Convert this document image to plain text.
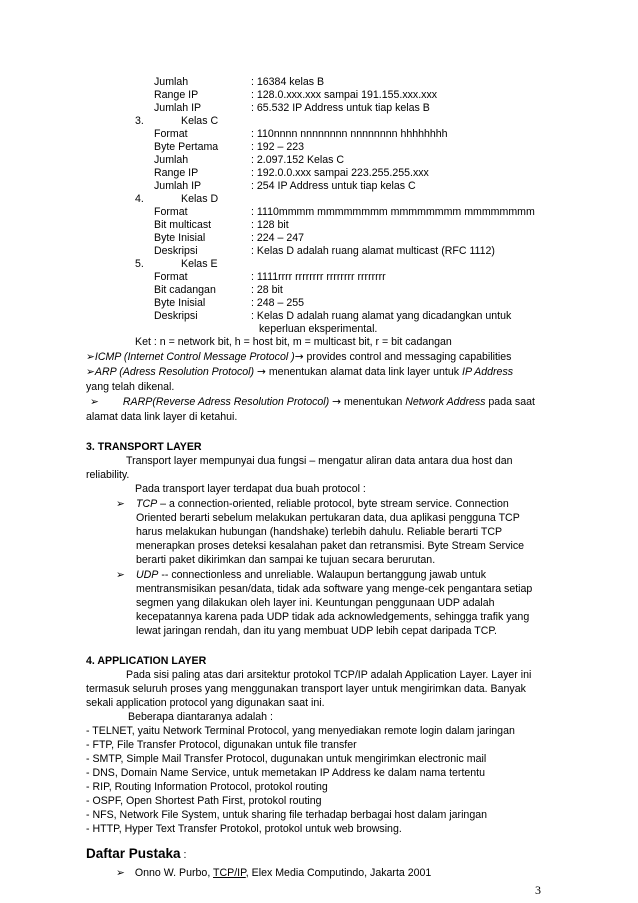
Jumlah	: 16384 kelas B
Range IP	: 128.0.xxx.xxx sampai 191.155.xxx.xxx
Jumlah IP	: 65.532 IP Address untuk tiap kelas B
3.	Kelas C
Format	: 110nnnn nnnnnnnn nnnnnnnn hhhhhhhh
Byte Pertama	: 192 – 223
Jumlah	: 2.097.152 Kelas C
Range IP	: 192.0.0.xxx sampai 223.255.255.xxx
Jumlah IP	: 254 IP Address untuk tiap kelas C
4.	Kelas D
Format	: 1110mmmm mmmmmmmm mmmmmmmm mmmmmmmm
Bit multicast	: 128 bit
Byte Inisial	: 224 – 247
Deskripsi	: Kelas D adalah ruang alamat multicast (RFC 1112)
5.	Kelas E
Format	: 1111rrrr rrrrrrrr rrrrrrrr rrrrrrrr
Bit cadangan	: 28 bit
Byte Inisial	: 248 – 255
Deskripsi	: Kelas D adalah ruang alamat yang dicadangkan untuk
keperluan eksperimental.
Ket : n = network bit, h = host bit, m = multicast bit, r = bit cadangan
➢ICMP (Internet Control Message Protocol )→ provides control and messaging capabilities
➢ARP (Adress Resolution Protocol) → menentukan alamat data link layer untuk IP Address
yang telah dikenal.
➢ RARP(Reverse Adress Resolution Protocol) → menentukan Network Address pada saat
alamat data link layer di ketahui.
3. TRANSPORT LAYER
Transport layer mempunyai dua fungsi – mengatur aliran data antara dua host dan
reliability.
Pada transport layer terdapat dua buah protocol :
➢ TCP – a connection-oriented, reliable protocol, byte stream service. Connection
Oriented berarti sebelum melakukan pertukaran data, dua aplikasi pengguna TCP
harus melakukan hubungan (handshake) terlebih dahulu. Reliable berarti TCP
menerapkan proses deteksi kesalahan paket dan retransmisi. Byte Stream Service
berarti paket dikirimkan dan sampai ke tujuan secara berurutan.
➢ UDP -- connectionless and unreliable. Walaupun bertanggung jawab untuk
mentransmisikan pesan/data, tidak ada software yang menge-cek pengantara setiap
segmen yang dilakukan oleh layer ini. Keuntungan penggunaan UDP adalah
kecepatannya karena pada UDP tidak ada acknowledgements, sehingga trafik yang
lewat jaringan rendah, dan itu yang membuat UDP lebih cepat daripada TCP.
4. APPLICATION LAYER
Pada sisi paling atas dari arsitektur protokol TCP/IP adalah Application Layer. Layer ini
termasuk seluruh proses yang menggunakan transport layer untuk mengirimkan data. Banyak
sekali application protocol yang digunakan saat ini.
Beberapa diantaranya adalah :
- TELNET, yaitu Network Terminal Protocol, yang menyediakan remote login dalam jaringan
- FTP, File Transfer Protocol, digunakan untuk file transfer
- SMTP, Simple Mail Transfer Protocol, dugunakan untuk mengirimkan electronic mail
- DNS, Domain Name Service, untuk memetakan IP Address ke dalam nama tertentu
- RIP, Routing Information Protocol, protokol routing
- OSPF, Open Shortest Path First, protokol routing
- NFS, Network File System, untuk sharing file terhadap berbagai host dalam jaringan
- HTTP, Hyper Text Transfer Protokol, protokol untuk web browsing.
Daftar Pustaka :
➢ Onno W. Purbo, TCP/IP, Elex Media Computindo, Jakarta 2001
3
